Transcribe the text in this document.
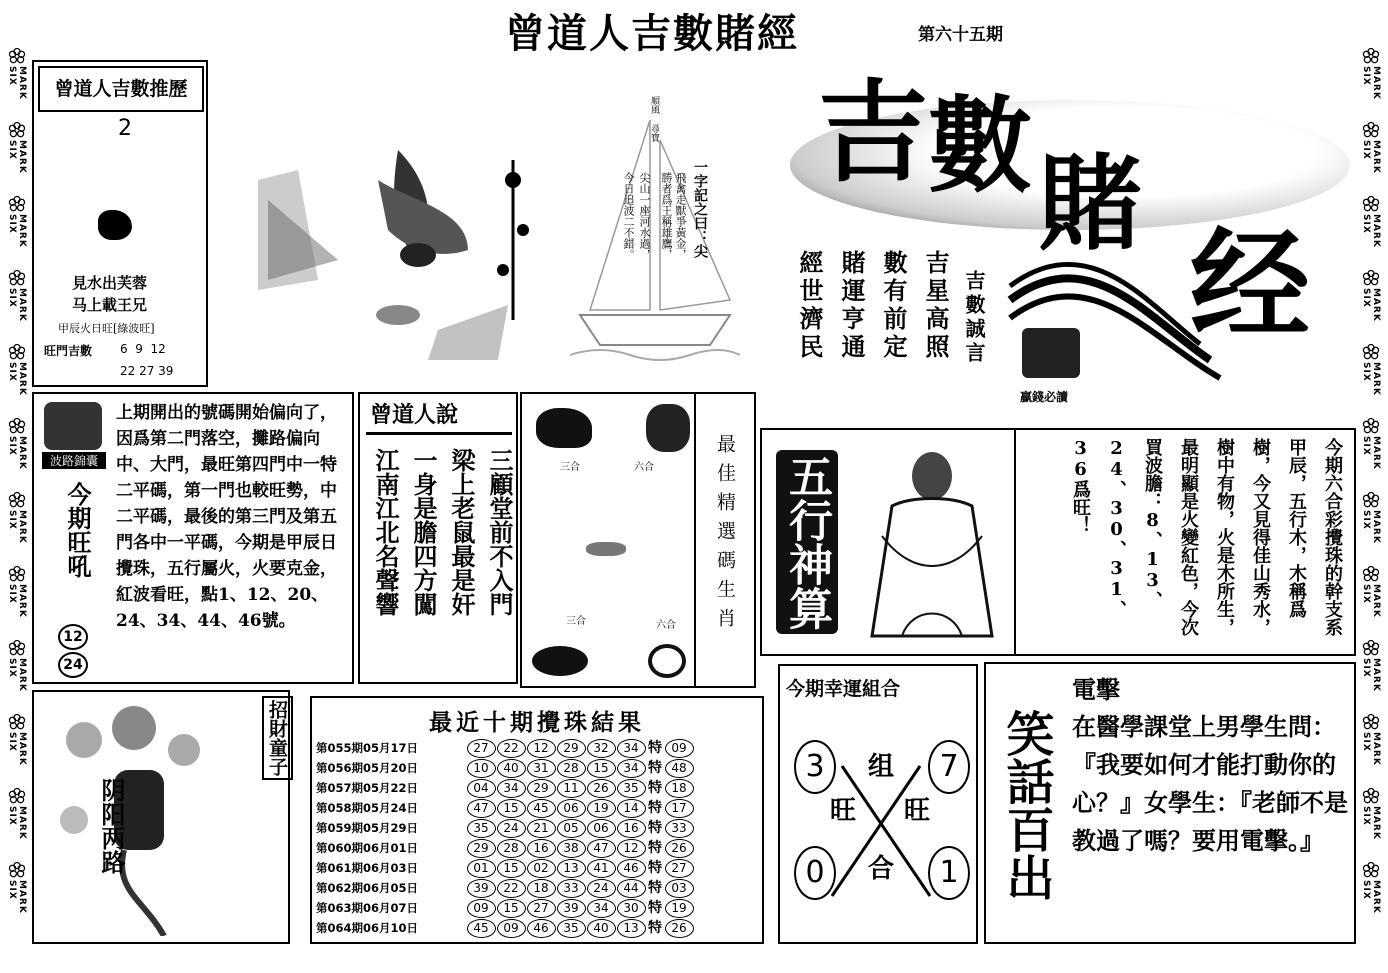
MARK SIX
MARK SIX
MARK SIX
MARK SIX
MARK SIX
MARK SIX
MARK SIX
MARK SIX
MARK SIX
MARK SIX
MARK SIX
MARK SIX
MARK SIX
MARK SIX
MARK SIX
MARK SIX
MARK SIX
MARK SIX
MARK SIX
MARK SIX
MARK SIX
MARK SIX
MARK SIX
MARK SIX
曾道人吉數賭經	第六十五期
曾道人吉數推歷
2
見水出芙蓉
马上載王兄
甲辰火日旺[綠波旺]
旺門吉數 6  9  12
22 27 39
順風 尋寶
一字記之曰：尖
飛禽走獸爭黃金，
勝者爲王稱雄鷹，
尖山一座河水過，
今日追波二不錯。
吉 數 賭
经
贏錢必讀
吉星高照
數有前定
賭運亨通
經世濟民	吉數誠言
波路錦囊
今期旺吼
12
24
上期開出的號碼開始偏向了，因爲第二門落空，攤路偏向中、大門，最旺第四門中一特二平碼，第一門也較旺勢，中二平碼，最後的第三門及第五門各中一平碼，今期是甲辰日攪珠，五行屬火，火要克金，紅波看旺，點1、12、20、24、34、44、46號。
曾道人說
三顧堂前不入門
梁上老鼠最是奸
一身是膽四方闖
江南江北名聲響	三合	六合
三合	六合 最佳精選碼生肖 五行神算	今期六合彩攪珠的幹支系甲辰，五行木，木稱爲樹，今又見得佳山秀水，樹中有物，火是木所生，最明顯是火變紅色，今次買波膽：8、13、24、30、31、36爲旺！
阴阳两路
招財童子	最近十期攪珠結果
第055期05月17日	27	22	12	29	32	34 特 09
第056期05月20日	10	40	31	28	15	34 特 48
第057期05月22日	04	34	29	11	26	35 特 18
第058期05月24日	47	15	45	06	19	14 特 17
第059期05月29日	35	24	21	05	06	16 特 33
第060期06月01日	29	28	16	38	47	12 特 26
第061期06月03日	01	15	02	13	41	46 特 27
第062期06月05日	39	22	18	33	24	44 特 03
第063期06月07日	09	15	27	39	34	30 特 19
第064期06月10日	45	09	46	35	40	13 特 26
今期幸運組合
3	7
0	1
组
旺 旺
合 笑話百出
電擊
在醫學課堂上男學生問：『我要如何才能打動你的心？』女學生：『老師不是教過了嗎？要用電擊。』
